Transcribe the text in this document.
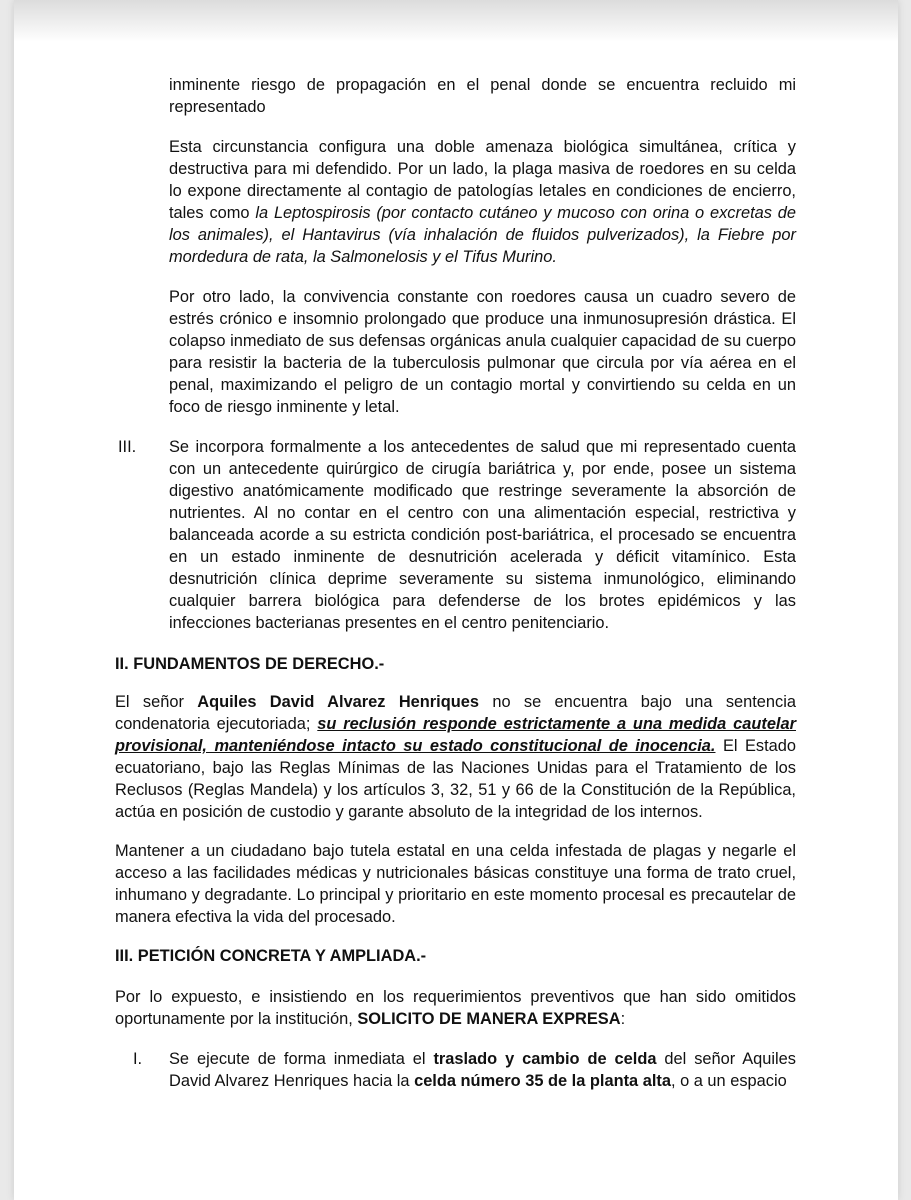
inminente riesgo de propagación en el penal donde se encuentra recluido mi representado

Esta circunstancia configura una doble amenaza biológica simultánea, crítica y destructiva para mi defendido. Por un lado, la plaga masiva de roedores en su celda lo expone directamente al contagio de patologías letales en condiciones de encierro, tales como la Leptospirosis (por contacto cutáneo y mucoso con orina o excretas de los animales), el Hantavirus (vía inhalación de fluidos pulverizados), la Fiebre por mordedura de rata, la Salmonelosis y el Tifus Murino.

Por otro lado, la convivencia constante con roedores causa un cuadro severo de estrés crónico e insomnio prolongado que produce una inmunosupresión drástica. El colapso inmediato de sus defensas orgánicas anula cualquier capacidad de su cuerpo para resistir la bacteria de la tuberculosis pulmonar que circula por vía aérea en el penal, maximizando el peligro de un contagio mortal y convirtiendo su celda en un foco de riesgo inminente y letal.

III.	Se incorpora formalmente a los antecedentes de salud que mi representado cuenta con un antecedente quirúrgico de cirugía bariátrica y, por ende, posee un sistema digestivo anatómicamente modificado que restringe severamente la absorción de nutrientes. Al no contar en el centro con una alimentación especial, restrictiva y balanceada acorde a su estricta condición post-bariátrica, el procesado se encuentra en un estado inminente de desnutrición acelerada y déficit vitamínico. Esta desnutrición clínica deprime severamente su sistema inmunológico, eliminando cualquier barrera biológica para defenderse de los brotes epidémicos y las infecciones bacterianas presentes en el centro penitenciario.

II. FUNDAMENTOS DE DERECHO.-

El señor Aquiles David Alvarez Henriques no se encuentra bajo una sentencia condenatoria ejecutoriada; su reclusión responde estrictamente a una medida cautelar provisional, manteniéndose intacto su estado constitucional de inocencia. El Estado ecuatoriano, bajo las Reglas Mínimas de las Naciones Unidas para el Tratamiento de los Reclusos (Reglas Mandela) y los artículos 3, 32, 51 y 66 de la Constitución de la República, actúa en posición de custodio y garante absoluto de la integridad de los internos.

Mantener a un ciudadano bajo tutela estatal en una celda infestada de plagas y negarle el acceso a las facilidades médicas y nutricionales básicas constituye una forma de trato cruel, inhumano y degradante. Lo principal y prioritario en este momento procesal es precautelar de manera efectiva la vida del procesado.

III. PETICIÓN CONCRETA Y AMPLIADA.-

Por lo expuesto, e insistiendo en los requerimientos preventivos que han sido omitidos oportunamente por la institución, SOLICITO DE MANERA EXPRESA:

I.	Se ejecute de forma inmediata el traslado y cambio de celda del señor Aquiles David Alvarez Henriques hacia la celda número 35 de la planta alta, o a un espacio
